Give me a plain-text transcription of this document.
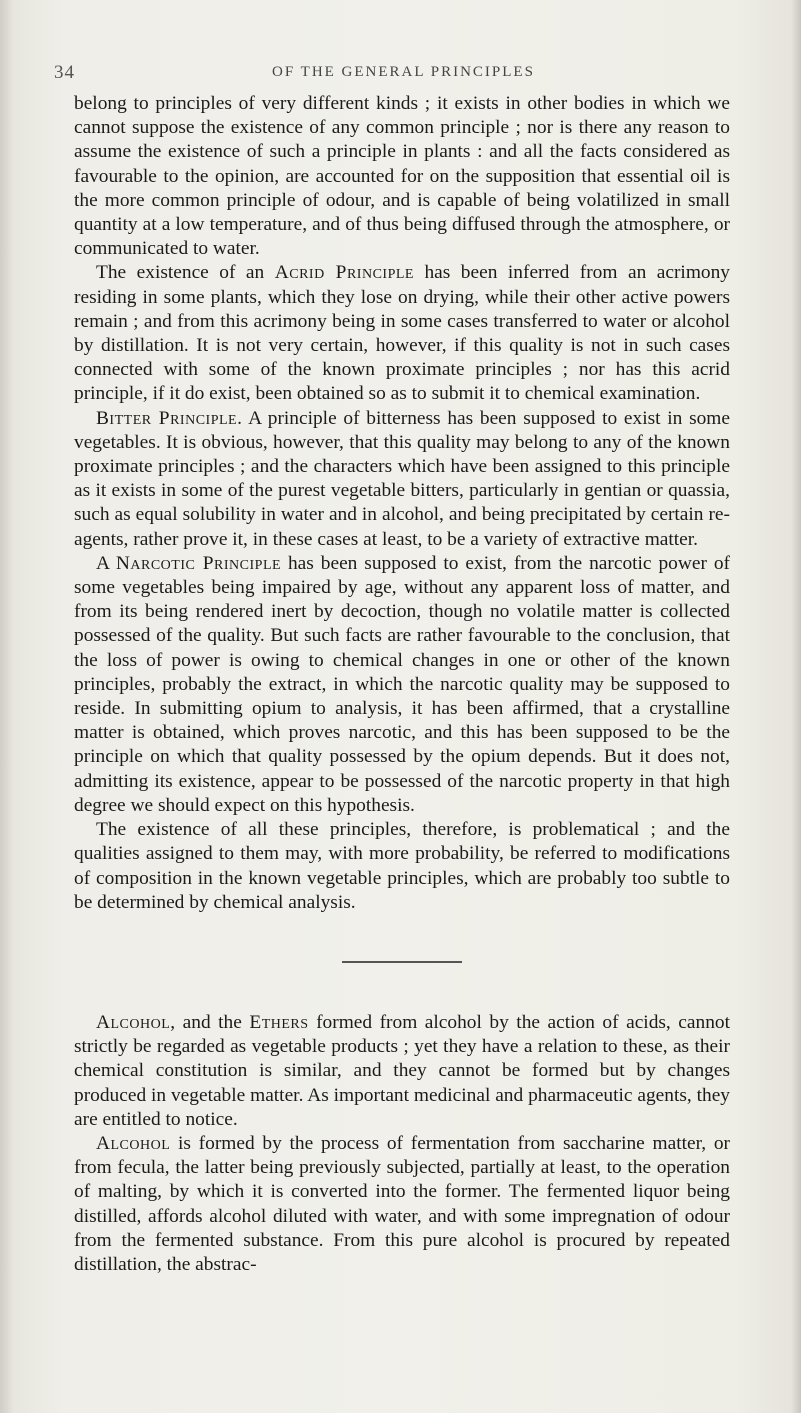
34	OF THE GENERAL PRINCIPLES

belong to principles of very different kinds ; it exists in other bodies in which we cannot suppose the existence of any common principle ; nor is there any reason to assume the existence of such a principle in plants : and all the facts considered as favourable to the opinion, are accounted for on the supposition that essential oil is the more common principle of odour, and is capable of being volatilized in small quantity at a low temperature, and of thus being diffused through the atmosphere, or communicated to water.

The existence of an Acrid Principle has been inferred from an acrimony residing in some plants, which they lose on drying, while their other active powers remain ; and from this acrimony being in some cases transferred to water or alcohol by distillation. It is not very certain, however, if this quality is not in such cases connected with some of the known proximate principles ; nor has this acrid principle, if it do exist, been obtained so as to submit it to chemical examination.

Bitter Principle. A principle of bitterness has been supposed to exist in some vegetables. It is obvious, however, that this quality may belong to any of the known proximate principles ; and the characters which have been assigned to this principle as it exists in some of the purest vegetable bitters, particularly in gentian or quassia, such as equal solubility in water and in alcohol, and being precipitated by certain re-agents, rather prove it, in these cases at least, to be a variety of extractive matter.

A Narcotic Principle has been supposed to exist, from the narcotic power of some vegetables being impaired by age, without any apparent loss of matter, and from its being rendered inert by decoction, though no volatile matter is collected possessed of the quality. But such facts are rather favourable to the conclusion, that the loss of power is owing to chemical changes in one or other of the known principles, probably the extract, in which the narcotic quality may be supposed to reside. In submitting opium to analysis, it has been affirmed, that a crystalline matter is obtained, which proves narcotic, and this has been supposed to be the principle on which that quality possessed by the opium depends. But it does not, admitting its existence, appear to be possessed of the narcotic property in that high degree we should expect on this hypothesis.

The existence of all these principles, therefore, is problematical ; and the qualities assigned to them may, with more probability, be referred to modifications of composition in the known vegetable principles, which are probably too subtle to be determined by chemical analysis.

Alcohol, and the Ethers formed from alcohol by the action of acids, cannot strictly be regarded as vegetable products ; yet they have a relation to these, as their chemical constitution is similar, and they cannot be formed but by changes produced in vegetable matter. As important medicinal and pharmaceutic agents, they are entitled to notice.

Alcohol is formed by the process of fermentation from saccharine matter, or from fecula, the latter being previously subjected, partially at least, to the operation of malting, by which it is converted into the former. The fermented liquor being distilled, affords alcohol diluted with water, and with some impregnation of odour from the fermented substance. From this pure alcohol is procured by repeated distillation, the abstrac-
